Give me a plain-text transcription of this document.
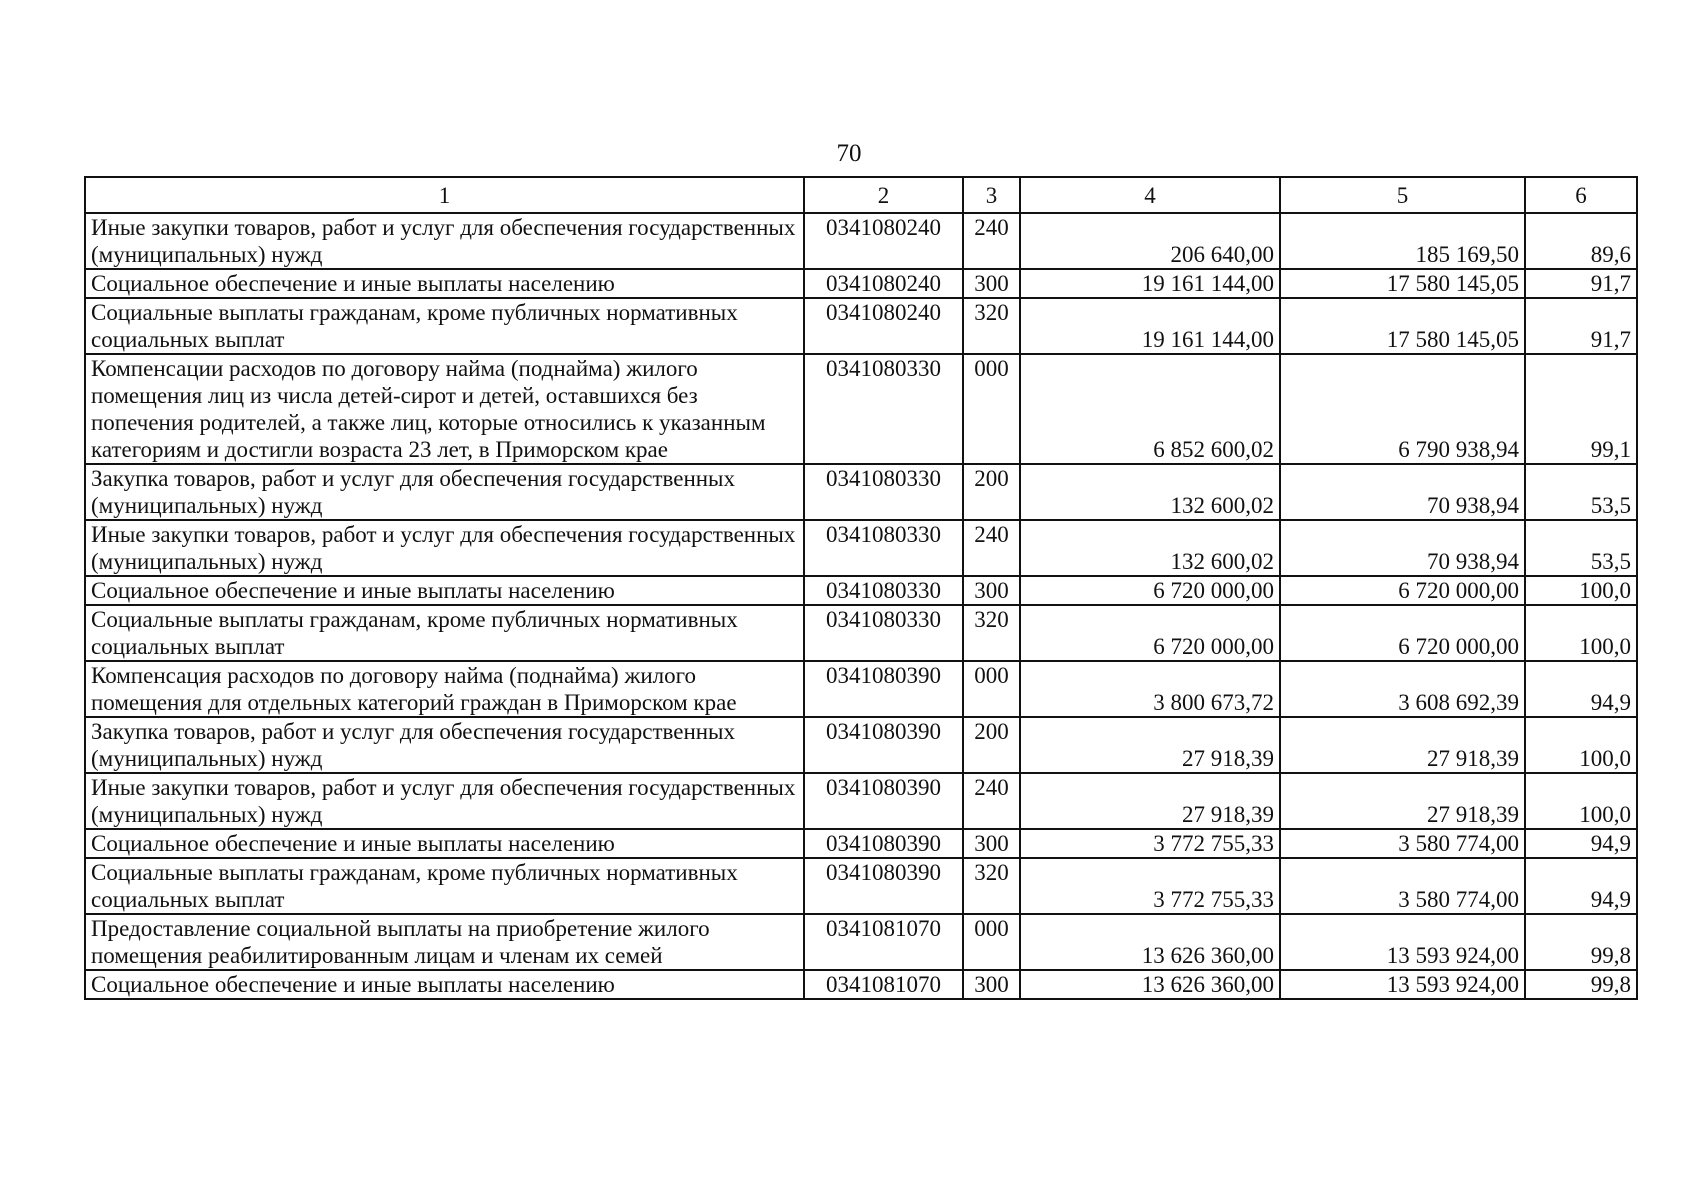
70
1	2	3	4	5	6
Иные закупки товаров, работ и услуг для обеспечения государственных (муниципальных) нужд	0341080240	240	206 640,00	185 169,50	89,6
Социальное обеспечение и иные выплаты населению	0341080240	300	19 161 144,00	17 580 145,05	91,7
Социальные выплаты гражданам, кроме публичных нормативных социальных выплат	0341080240	320	19 161 144,00	17 580 145,05	91,7
Компенсации расходов по договору найма (поднайма) жилого помещения лиц из числа детей-сирот и детей, оставшихся без попечения родителей, а также лиц, которые относились к указанным категориям и достигли возраста 23 лет, в Приморском крае	0341080330	000	6 852 600,02	6 790 938,94	99,1
Закупка товаров, работ и услуг для обеспечения государственных (муниципальных) нужд	0341080330	200	132 600,02	70 938,94	53,5
Иные закупки товаров, работ и услуг для обеспечения государственных (муниципальных) нужд	0341080330	240	132 600,02	70 938,94	53,5
Социальное обеспечение и иные выплаты населению	0341080330	300	6 720 000,00	6 720 000,00	100,0
Социальные выплаты гражданам, кроме публичных нормативных социальных выплат	0341080330	320	6 720 000,00	6 720 000,00	100,0
Компенсация расходов по договору найма (поднайма) жилого помещения для отдельных категорий граждан в Приморском крае	0341080390	000	3 800 673,72	3 608 692,39	94,9
Закупка товаров, работ и услуг для обеспечения государственных (муниципальных) нужд	0341080390	200	27 918,39	27 918,39	100,0
Иные закупки товаров, работ и услуг для обеспечения государственных (муниципальных) нужд	0341080390	240	27 918,39	27 918,39	100,0
Социальное обеспечение и иные выплаты населению	0341080390	300	3 772 755,33	3 580 774,00	94,9
Социальные выплаты гражданам, кроме публичных нормативных социальных выплат	0341080390	320	3 772 755,33	3 580 774,00	94,9
Предоставление социальной выплаты на приобретение жилого помещения реабилитированным лицам и членам их семей	0341081070	000	13 626 360,00	13 593 924,00	99,8
Социальное обеспечение и иные выплаты населению	0341081070	300	13 626 360,00	13 593 924,00	99,8
